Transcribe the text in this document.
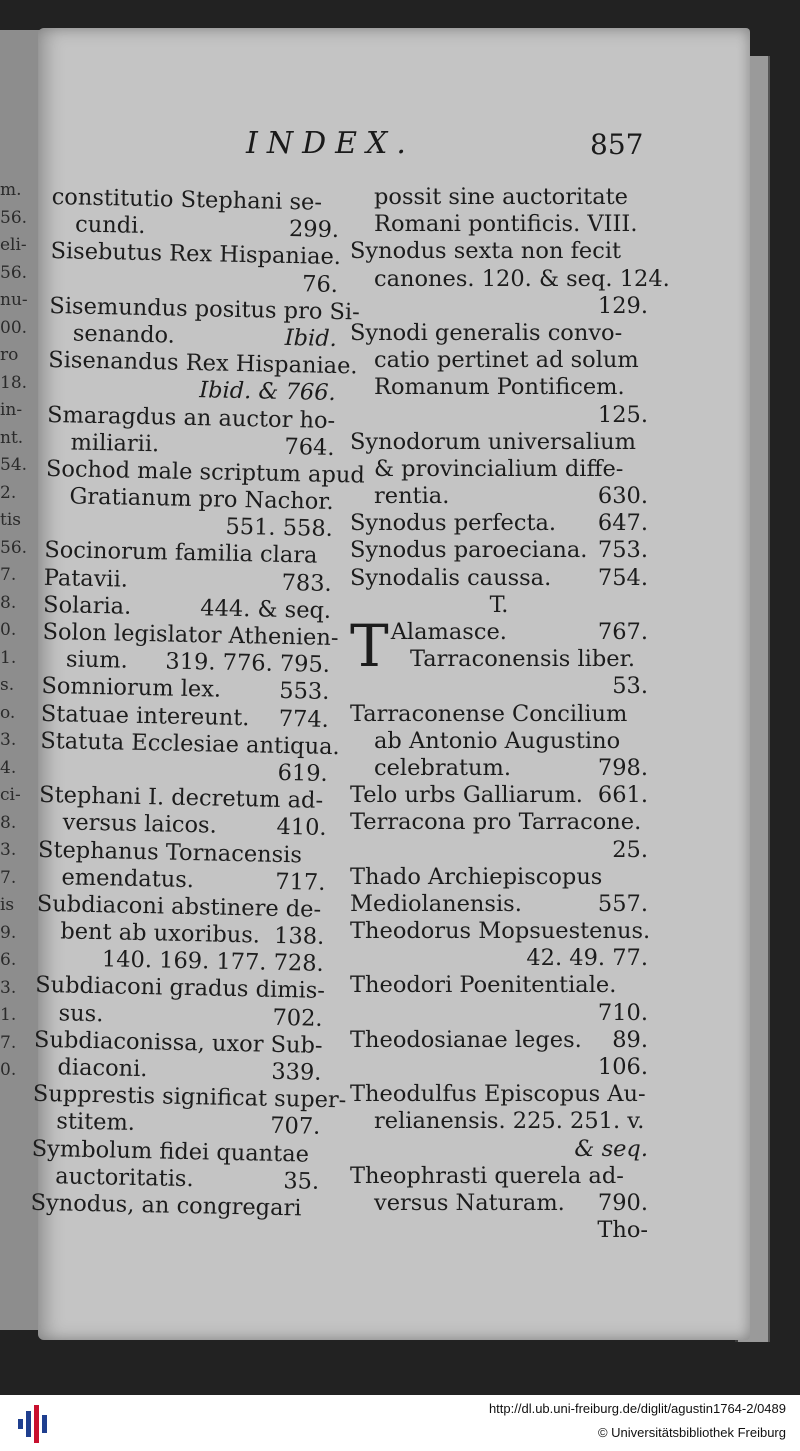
m.
56.
eli-
56.
nu-
00.
ro
18.
in-
nt.
54.
2.
tis
56.
7.
8.
0.
1.
s.
o.
3.
4.
ci-
8.
3.
7.
is
9.
6.
3.
1.
7.
0.
INDEX.	857
constitutio Stephani se-
cundi.	299.
Sisebutus Rex Hispaniae.
76.
Sisemundus positus pro Si-
senando.	Ibid.
Sisenandus Rex Hispaniae.
Ibid. & 766.
Smaragdus an auctor ho-
miliarii.	764.
Sochod male scriptum apud
Gratianum pro Nachor.
551. 558.
Socinorum familia clara
Patavii.	783.
Solaria.	444. & seq.
Solon legislator Athenien-
sium. 319. 776. 795.
Somniorum lex.	553.
Statuae intereunt. 774.
Statuta Ecclesiae antiqua.
619.
Stephani I. decretum ad-
versus laicos.	410.
Stephanus Tornacensis
emendatus.	717.
Subdiaconi abstinere de-
bent ab uxoribus. 138.
140. 169. 177. 728.
Subdiaconi gradus dimis-
sus.	702.
Subdiaconissa, uxor Sub-
diaconi.	339.
Supprestis significat super-
stitem.	707.
Symbolum fidei quantae
auctoritatis.	35.
Synodus, an congregari
possit sine auctoritate
Romani pontificis. VIII.
Synodus sexta non fecit
canones. 120. & seq. 124.
129.
Synodi generalis convo-
catio pertinet ad solum
Romanum Pontificem.
125.
Synodorum universalium
& provincialium diffe-
rentia.	630.
Synodus perfecta. 647.
Synodus paroeciana. 753.
Synodalis caussa. 754.
T.
T Alamasce.	767.
Tarraconensis liber.
53.
Tarraconense Concilium
ab Antonio Augustino
celebratum.	798.
Telo urbs Galliarum. 661.
Terracona pro Tarracone.
25.
Thado Archiepiscopus
Mediolanensis.	557.
Theodorus Mopsuestenus.
42. 49. 77.
Theodori Poenitentiale.
710.
Theodosianae leges. 89.
106.
Theodulfus Episcopus Au-
relianensis. 225. 251. v.
& seq.
Theophrasti querela ad-
versus Naturam. 790.
Tho-
http://dl.ub.uni-freiburg.de/diglit/agustin1764-2/0489
© Universitätsbibliothek Freiburg
